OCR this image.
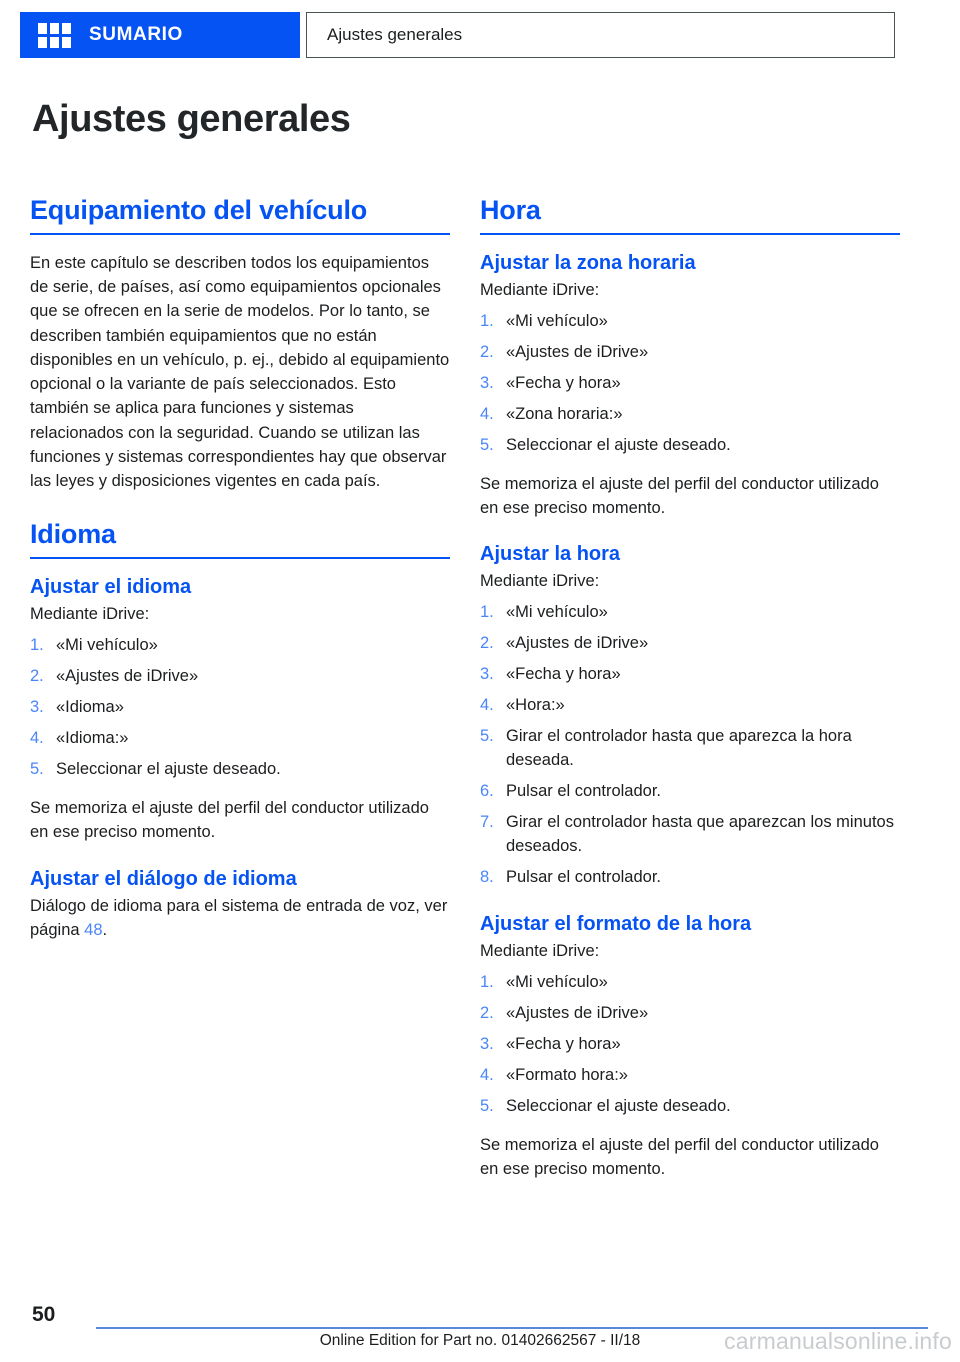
SUMARIO	Ajustes generales
Ajustes generales
Equipamiento del vehículo

En este capítulo se describen todos los equipamientos de serie, de países, así como equipamientos opcionales que se ofrecen en la serie de modelos. Por lo tanto, se describen también equipamientos que no están disponibles en un vehículo, p. ej., debido al equipamiento opcional o la variante de país seleccionados. Esto también se aplica para funciones y sistemas relacionados con la seguridad. Cuando se utilizan las funciones y sistemas correspondientes hay que observar las leyes y disposiciones vigentes en cada país.

Idioma
Ajustar el idioma

Mediante iDrive:

1. «Mi vehículo»
2. «Ajustes de iDrive»
3. «Idioma»
4. «Idioma:»
5. Seleccionar el ajuste deseado.

Se memoriza el ajuste del perfil del conductor utilizado en ese preciso momento.

Ajustar el diálogo de idioma

Diálogo de idioma para el sistema de entrada de voz, ver página 48.

Hora
Ajustar la zona horaria

Mediante iDrive:

1. «Mi vehículo»
2. «Ajustes de iDrive»
3. «Fecha y hora»
4. «Zona horaria:»
5. Seleccionar el ajuste deseado.

Se memoriza el ajuste del perfil del conductor utilizado en ese preciso momento.

Ajustar la hora

Mediante iDrive:

1. «Mi vehículo»
2. «Ajustes de iDrive»
3. «Fecha y hora»
4. «Hora:»
5. Girar el controlador hasta que aparezca la hora deseada.
6. Pulsar el controlador.
7. Girar el controlador hasta que aparezcan los minutos deseados.
8. Pulsar el controlador.
Ajustar el formato de la hora

Mediante iDrive:

1. «Mi vehículo»
2. «Ajustes de iDrive»
3. «Fecha y hora»
4. «Formato hora:»
5. Seleccionar el ajuste deseado.

Se memoriza el ajuste del perfil del conductor utilizado en ese preciso momento.

50
Online Edition for Part no. 01402662567 - II/18	carmanualsonline.info
